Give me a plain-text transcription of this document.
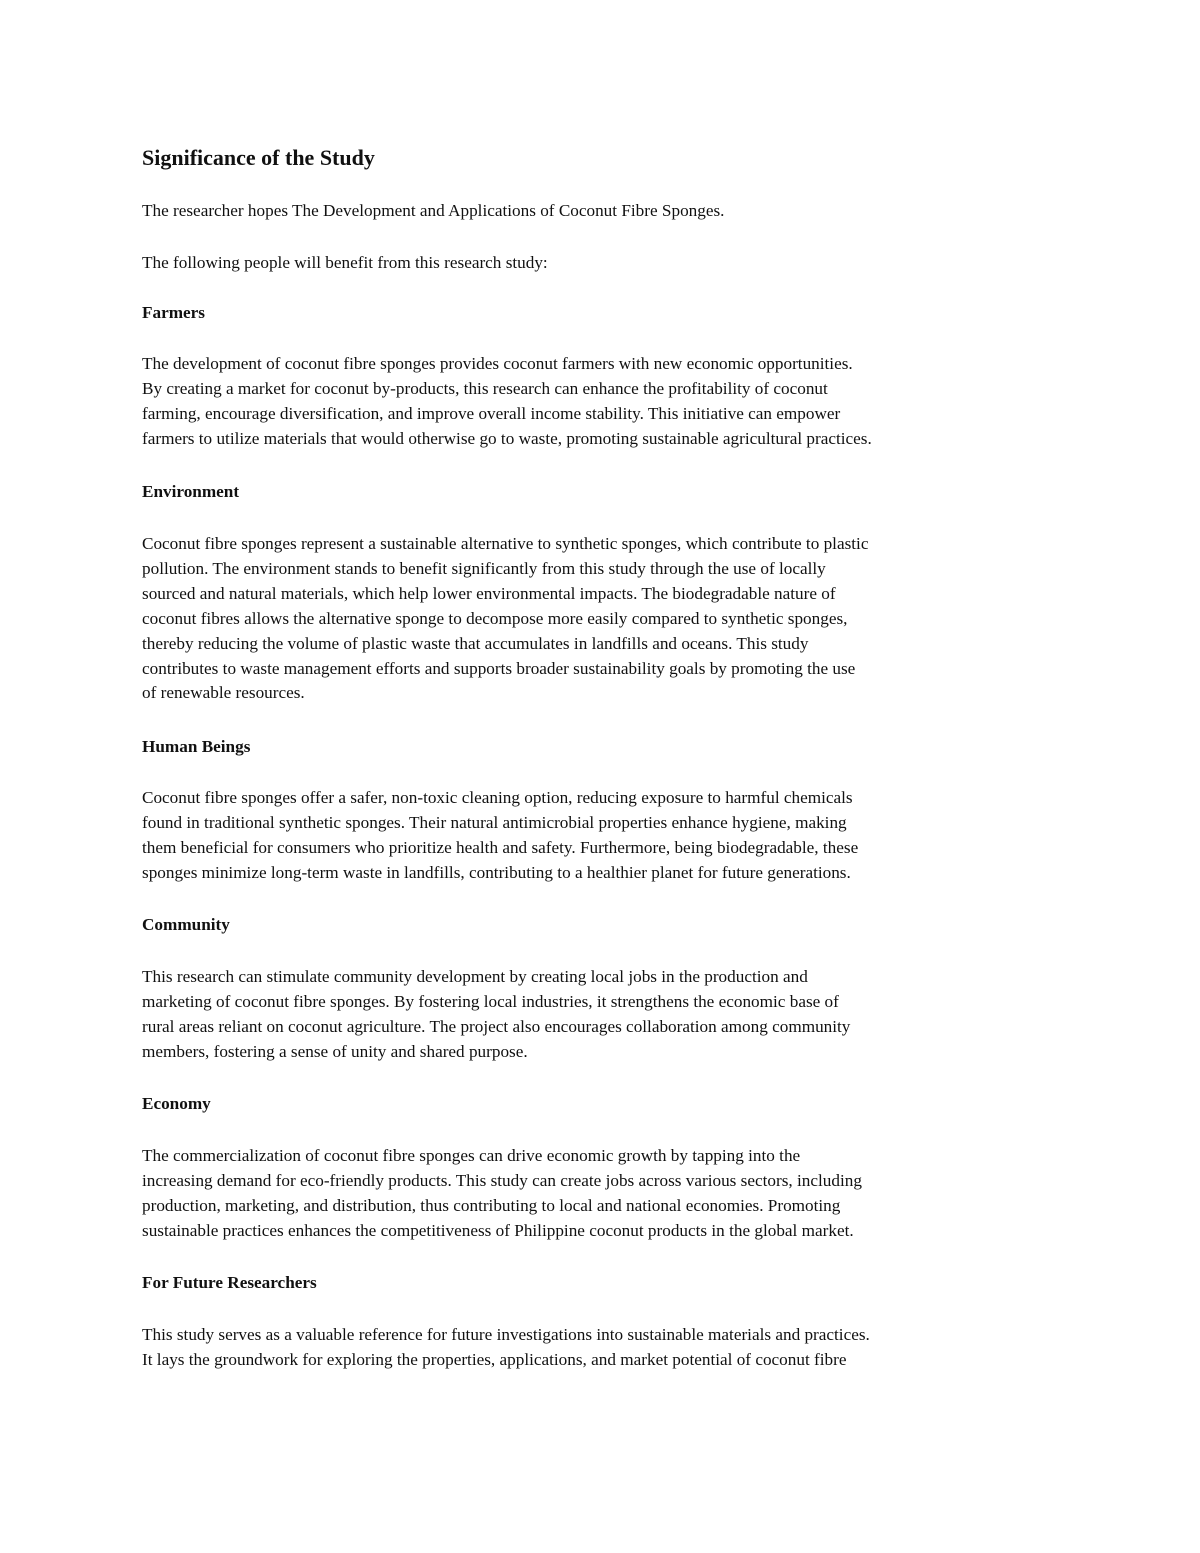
Significance of the Study
The researcher hopes The Development and Applications of Coconut Fibre Sponges.
The following people will benefit from this research study:
Farmers
The development of coconut fibre sponges provides coconut farmers with new economic opportunities.
By creating a market for coconut by-products, this research can enhance the profitability of coconut
farming, encourage diversification, and improve overall income stability. This initiative can empower
farmers to utilize materials that would otherwise go to waste, promoting sustainable agricultural practices.
Environment
Coconut fibre sponges represent a sustainable alternative to synthetic sponges, which contribute to plastic
pollution. The environment stands to benefit significantly from this study through the use of locally
sourced and natural materials, which help lower environmental impacts. The biodegradable nature of
coconut fibres allows the alternative sponge to decompose more easily compared to synthetic sponges,
thereby reducing the volume of plastic waste that accumulates in landfills and oceans. This study
contributes to waste management efforts and supports broader sustainability goals by promoting the use
of renewable resources.
Human Beings
Coconut fibre sponges offer a safer, non-toxic cleaning option, reducing exposure to harmful chemicals
found in traditional synthetic sponges. Their natural antimicrobial properties enhance hygiene, making
them beneficial for consumers who prioritize health and safety. Furthermore, being biodegradable, these
sponges minimize long-term waste in landfills, contributing to a healthier planet for future generations.
Community
This research can stimulate community development by creating local jobs in the production and
marketing of coconut fibre sponges. By fostering local industries, it strengthens the economic base of
rural areas reliant on coconut agriculture. The project also encourages collaboration among community
members, fostering a sense of unity and shared purpose.
Economy
The commercialization of coconut fibre sponges can drive economic growth by tapping into the
increasing demand for eco-friendly products. This study can create jobs across various sectors, including
production, marketing, and distribution, thus contributing to local and national economies. Promoting
sustainable practices enhances the competitiveness of Philippine coconut products in the global market.
For Future Researchers
This study serves as a valuable reference for future investigations into sustainable materials and practices.
It lays the groundwork for exploring the properties, applications, and market potential of coconut fibre
